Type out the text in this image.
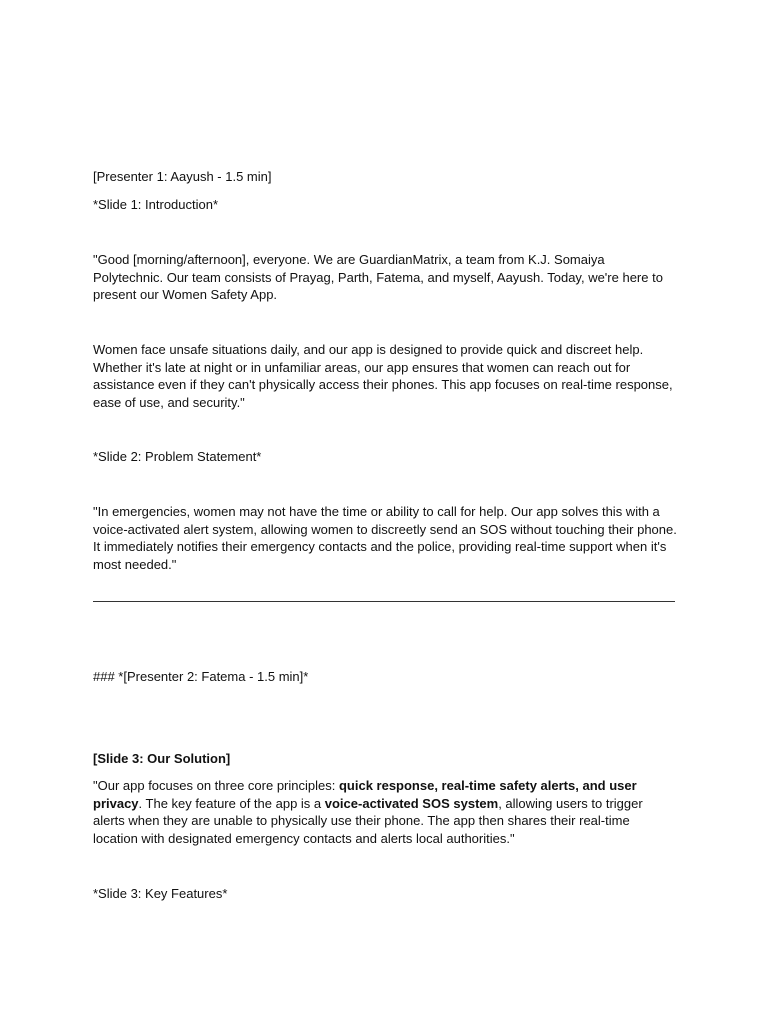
[Presenter 1: Aayush - 1.5 min]

*Slide 1: Introduction*

"Good [morning/afternoon], everyone. We are GuardianMatrix, a team from K.J. Somaiya Polytechnic. Our team consists of Prayag, Parth, Fatema, and myself, Aayush. Today, we're here to present our Women Safety App.

Women face unsafe situations daily, and our app is designed to provide quick and discreet help. Whether it's late at night or in unfamiliar areas, our app ensures that women can reach out for assistance even if they can't physically access their phones. This app focuses on real-time response, ease of use, and security."

*Slide 2: Problem Statement*

"In emergencies, women may not have the time or ability to call for help. Our app solves this with a voice-activated alert system, allowing women to discreetly send an SOS without touching their phone. It immediately notifies their emergency contacts and the police, providing real-time support when it's most needed."

### *[Presenter 2: Fatema - 1.5 min]*

[Slide 3: Our Solution]

"Our app focuses on three core principles: quick response, real-time safety alerts, and user privacy. The key feature of the app is a voice-activated SOS system, allowing users to trigger alerts when they are unable to physically use their phone. The app then shares their real-time location with designated emergency contacts and alerts local authorities."

*Slide 3: Key Features*
